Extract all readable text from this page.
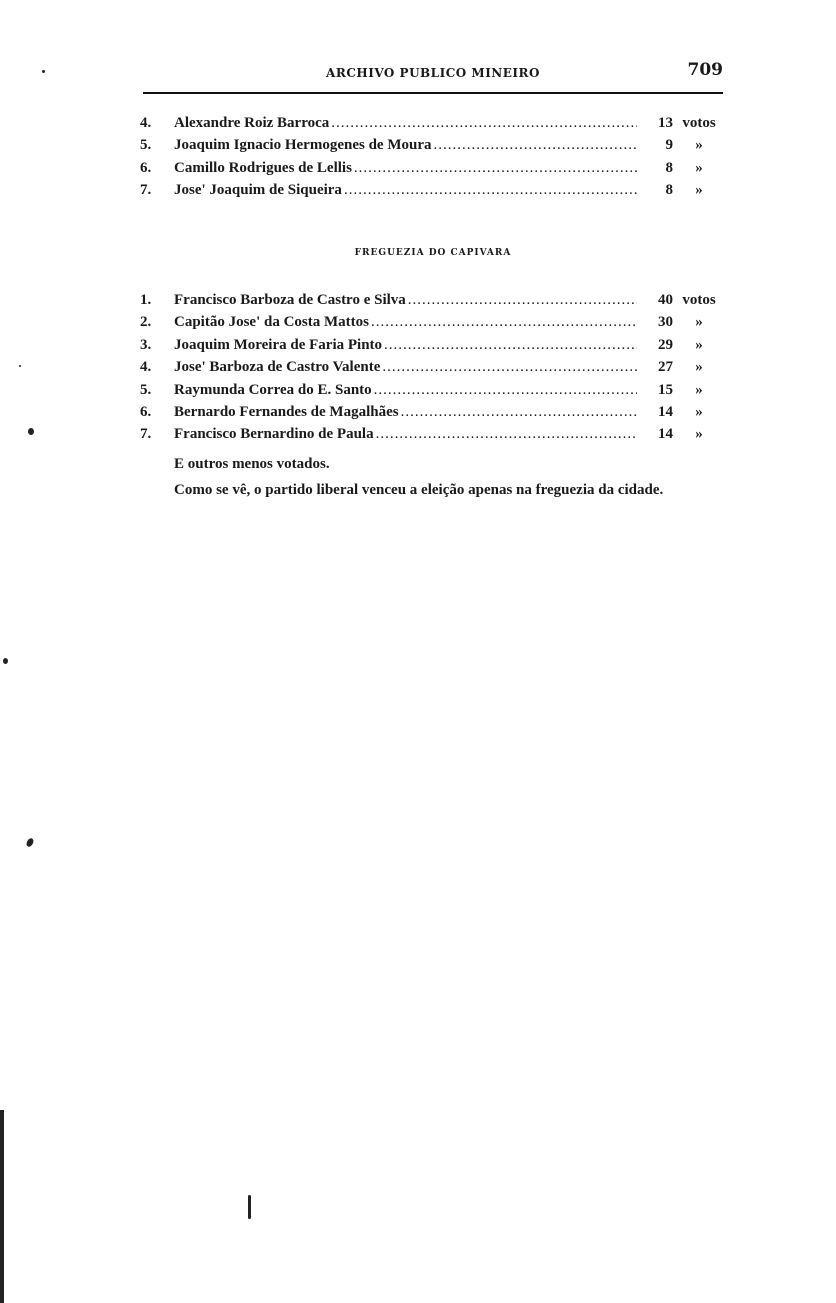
ARCHIVO PUBLICO MINEIRO	709
4.	Alexandre Roiz Barroca .....	13 votos
5.	Joaquim Ignacio Hermogenes de Moura .....	9	»
6.	Camillo Rodrigues de Lellis .....	8	»
7.	Jose' Joaquim de Siqueira .....	8	»
FREGUEZIA DO CAPIVARA
1.	Francisco Barboza de Castro e Silva .....	40 votos
2.	Capitão Jose' da Costa Mattos .....	30	»
3.	Joaquim Moreira de Faria Pinto .....	29	»
4.	Jose' Barboza de Castro Valente .....	27	»
5.	Raymunda Correa do E. Santo .....	15	»
6.	Bernardo Fernandes de Magalhães .....	14	»
7.	Francisco Bernardino de Paula .....	14	»
E outros menos votados.

Como se vê, o partido liberal venceu a eleição apenas na freguezia da cidade.
